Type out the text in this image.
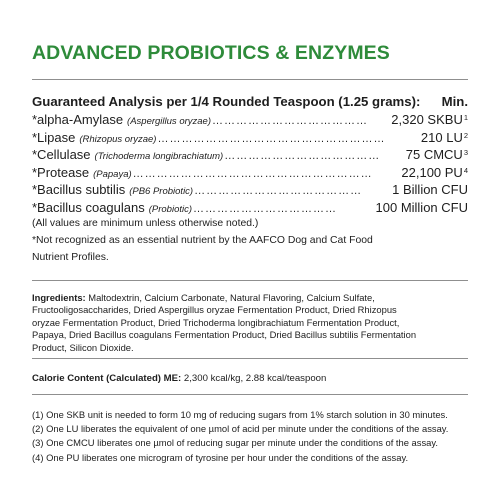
ADVANCED PROBIOTICS & ENZYMES
Guaranteed Analysis per 1/4 Rounded Teaspoon (1.25 grams): Min.
*alpha-Amylase (Aspergillus oryzae) …………………………………	2,320 SKBU$^1$
*Lipase (Rhizopus oryzae) …………………………………………………	210 $LU^2$
*Cellulase (Trichoderma longibrachiatum) …………………………………	75 CMCU$^3$
*Protease (Papaya) ……………………………………………………	22,100 $PU^4$
*Bacillus subtilis (PB6 Probiotic) ……………………………………	1 Billion CFU
*Bacillus coagulans (Probiotic) ………………………………	100 Million CFU
(All values are minimum unless otherwise noted.)
*Not recognized as an essential nutrient by the AAFCO Dog and Cat Food
Nutrient Profiles.
Ingredients: Maltodextrin, Calcium Carbonate, Natural Flavoring, Calcium Sulfate,
Fructooligosaccharides, Dried Aspergillus oryzae Fermentation Product, Dried Rhizopus
oryzae Fermentation Product, Dried Trichoderma longibrachiatum Fermentation Product,
Papaya, Dried Bacillus coagulans Fermentation Product, Dried Bacillus subtilis Fermentation
Product, Silicon Dioxide.
Calorie Content (Calculated) ME: 2,300 kcal/kg, 2.88 kcal/teaspoon
(1) One SKB unit is needed to form 10 mg of reducing sugars from 1% starch solution in 30 minutes.
(2) One LU liberates the equivalent of one µmol of acid per minute under the conditions of the assay.
(3) One CMCU liberates one µmol of reducing sugar per minute under the conditions of the assay.
(4) One PU liberates one microgram of tyrosine per hour under the conditions of the assay.
